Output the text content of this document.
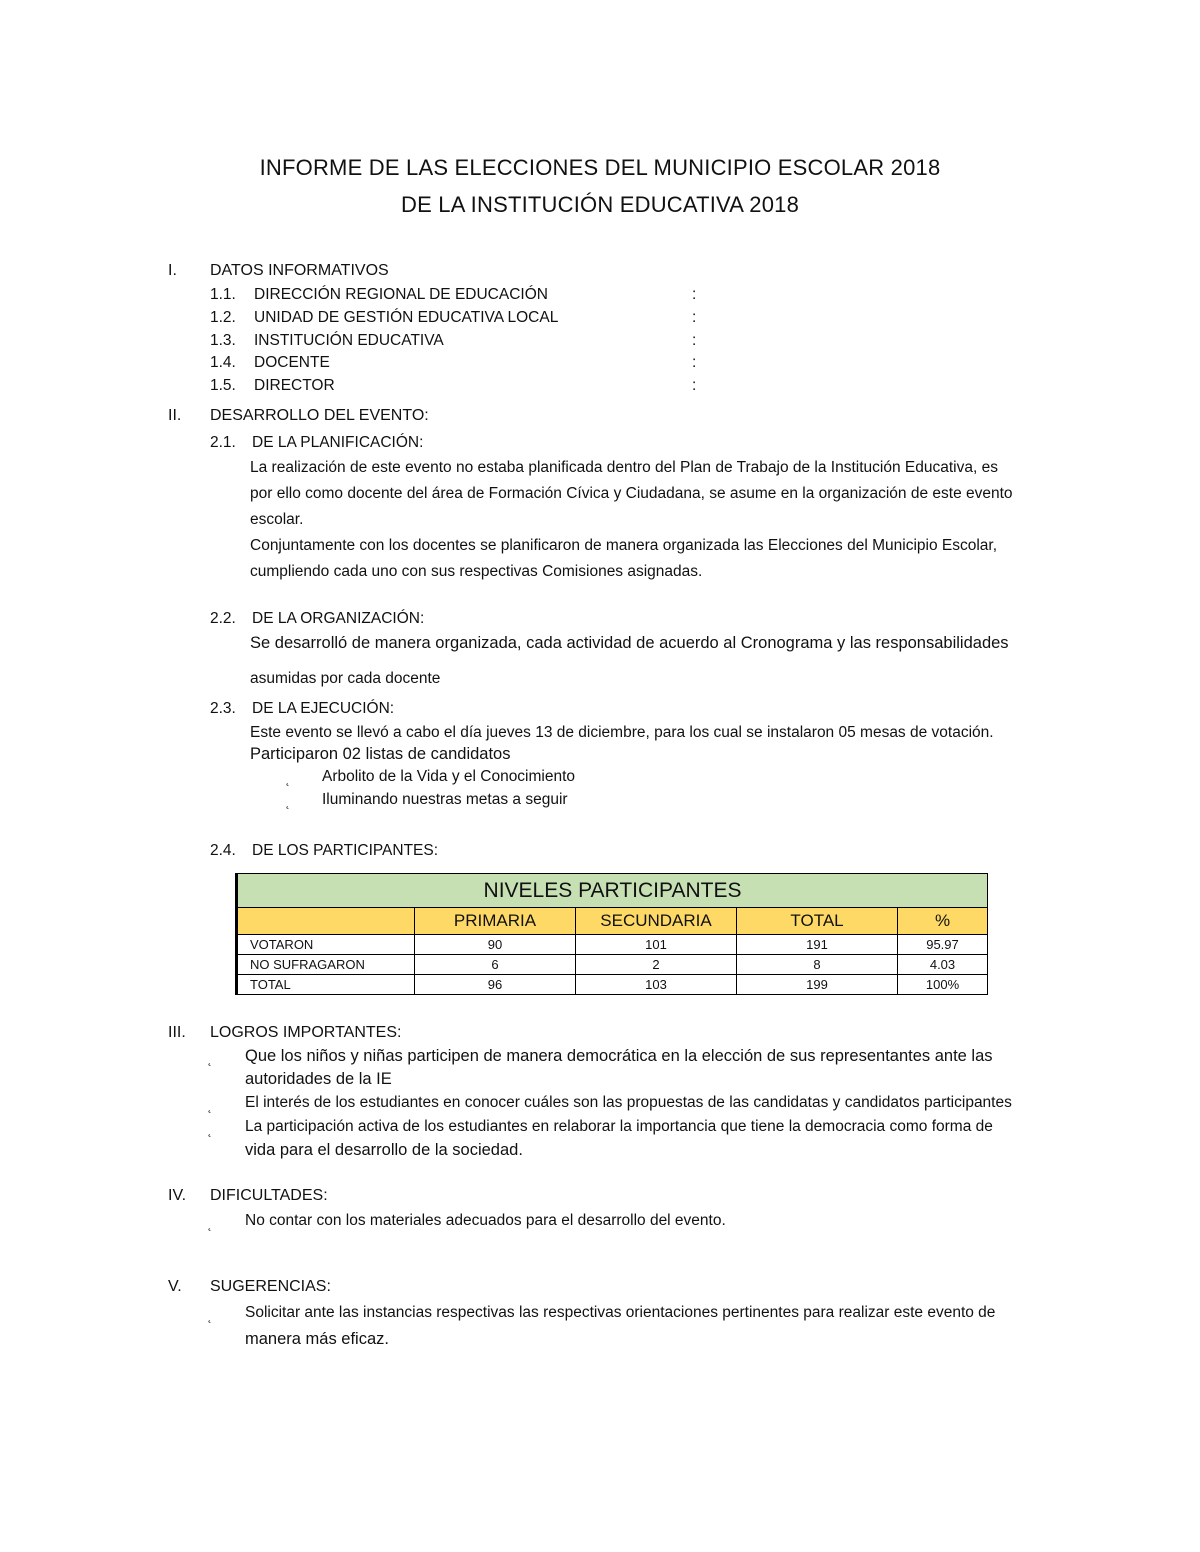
INFORME DE LAS ELECCIONES DEL MUNICIPIO ESCOLAR 2018
DE LA INSTITUCIÓN EDUCATIVA 2018
I. DATOS INFORMATIVOS
1.1. DIRECCIÓN REGIONAL DE EDUCACIÓN	:
1.2. UNIDAD DE GESTIÓN EDUCATIVA LOCAL	:
1.3. INSTITUCIÓN EDUCATIVA	:
1.4. DOCENTE	:
1.5. DIRECTOR	:
II. DESARROLLO DEL EVENTO:
2.1. DE LA PLANIFICACIÓN:
La realización de este evento no estaba planificada dentro del Plan de Trabajo de la Institución Educativa, es
por ello como docente del área de Formación Cívica y Ciudadana, se asume en la organización de este evento
escolar.
Conjuntamente con los docentes se planificaron de manera organizada las Elecciones del Municipio Escolar,
cumpliendo cada uno con sus respectivas Comisiones asignadas.
2.2. DE LA ORGANIZACIÓN:
Se desarrolló de manera organizada, cada actividad de acuerdo al Cronograma y las responsabilidades
asumidas por cada docente
2.3. DE LA EJECUCIÓN:
Este evento se llevó a cabo el día jueves 13 de diciembre, para los cual se instalaron 05 mesas de votación.
Participaron 02 listas de candidatos
˛ Arbolito de la Vida y el Conocimiento
˛ Iluminando nuestras metas a seguir
2.4. DE LOS PARTICIPANTES:
NIVELES PARTICIPANTES				
	PRIMARIA	SECUNDARIA	TOTAL	%
VOTARON	90	101	191	95.97
NO SUFRAGARON	6	2	8	4.03
TOTAL	96	103	199	100%
III. LOGROS IMPORTANTES:
˛ Que los niños y niñas participen de manera democrática en la elección de sus representantes ante las
autoridades de la IE
˛ El interés de los estudiantes en conocer cuáles son las propuestas de las candidatas y candidatos participantes
˛ La participación activa de los estudiantes en relaborar la importancia que tiene la democracia como forma de
vida para el desarrollo de la sociedad.
IV. DIFICULTADES:
˛ No contar con los materiales adecuados para el desarrollo del evento.
V. SUGERENCIAS:
˛ Solicitar ante las instancias respectivas las respectivas orientaciones pertinentes para realizar este evento de
manera más eficaz.
